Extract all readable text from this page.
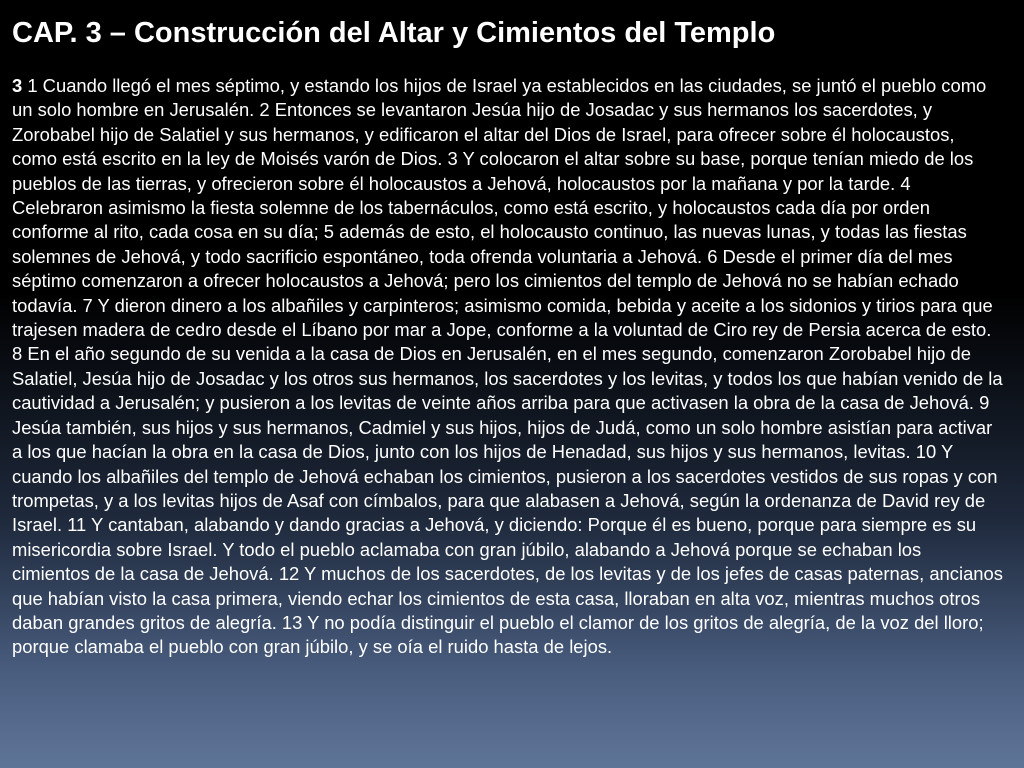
CAP. 3 – Construcción del Altar y Cimientos del Templo

3 1 Cuando llegó el mes séptimo, y estando los hijos de Israel ya establecidos en las ciudades, se juntó el pueblo como un solo hombre en Jerusalén. 2 Entonces se levantaron Jesúa hijo de Josadac y sus hermanos los sacerdotes, y Zorobabel hijo de Salatiel y sus hermanos, y edificaron el altar del Dios de Israel, para ofrecer sobre él holocaustos, como está escrito en la ley de Moisés varón de Dios. 3 Y colocaron el altar sobre su base, porque tenían miedo de los pueblos de las tierras, y ofrecieron sobre él holocaustos a Jehová, holocaustos por la mañana y por la tarde. 4 Celebraron asimismo la fiesta solemne de los tabernáculos, como está escrito, y holocaustos cada día por orden conforme al rito, cada cosa en su día; 5 además de esto, el holocausto continuo, las nuevas lunas, y todas las fiestas solemnes de Jehová, y todo sacrificio espontáneo, toda ofrenda voluntaria a Jehová. 6 Desde el primer día del mes séptimo comenzaron a ofrecer holocaustos a Jehová; pero los cimientos del templo de Jehová no se habían echado todavía. 7 Y dieron dinero a los albañiles y carpinteros; asimismo comida, bebida y aceite a los sidonios y tirios para que trajesen madera de cedro desde el Líbano por mar a Jope, conforme a la voluntad de Ciro rey de Persia acerca de esto. 8 En el año segundo de su venida a la casa de Dios en Jerusalén, en el mes segundo, comenzaron Zorobabel hijo de Salatiel, Jesúa hijo de Josadac y los otros sus hermanos, los sacerdotes y los levitas, y todos los que habían venido de la cautividad a Jerusalén; y pusieron a los levitas de veinte años arriba para que activasen la obra de la casa de Jehová. 9 Jesúa también, sus hijos y sus hermanos, Cadmiel y sus hijos, hijos de Judá, como un solo hombre asistían para activar a los que hacían la obra en la casa de Dios, junto con los hijos de Henadad, sus hijos y sus hermanos, levitas. 10 Y cuando los albañiles del templo de Jehová echaban los cimientos, pusieron a los sacerdotes vestidos de sus ropas y con trompetas, y a los levitas hijos de Asaf con címbalos, para que alabasen a Jehová, según la ordenanza de David rey de Israel. 11 Y cantaban, alabando y dando gracias a Jehová, y diciendo: Porque él es bueno, porque para siempre es su misericordia sobre Israel. Y todo el pueblo aclamaba con gran júbilo, alabando a Jehová porque se echaban los cimientos de la casa de Jehová. 12 Y muchos de los sacerdotes, de los levitas y de los jefes de casas paternas, ancianos que habían visto la casa primera, viendo echar los cimientos de esta casa, lloraban en alta voz, mientras muchos otros daban grandes gritos de alegría. 13 Y no podía distinguir el pueblo el clamor de los gritos de alegría, de la voz del lloro; porque clamaba el pueblo con gran júbilo, y se oía el ruido hasta de lejos.
